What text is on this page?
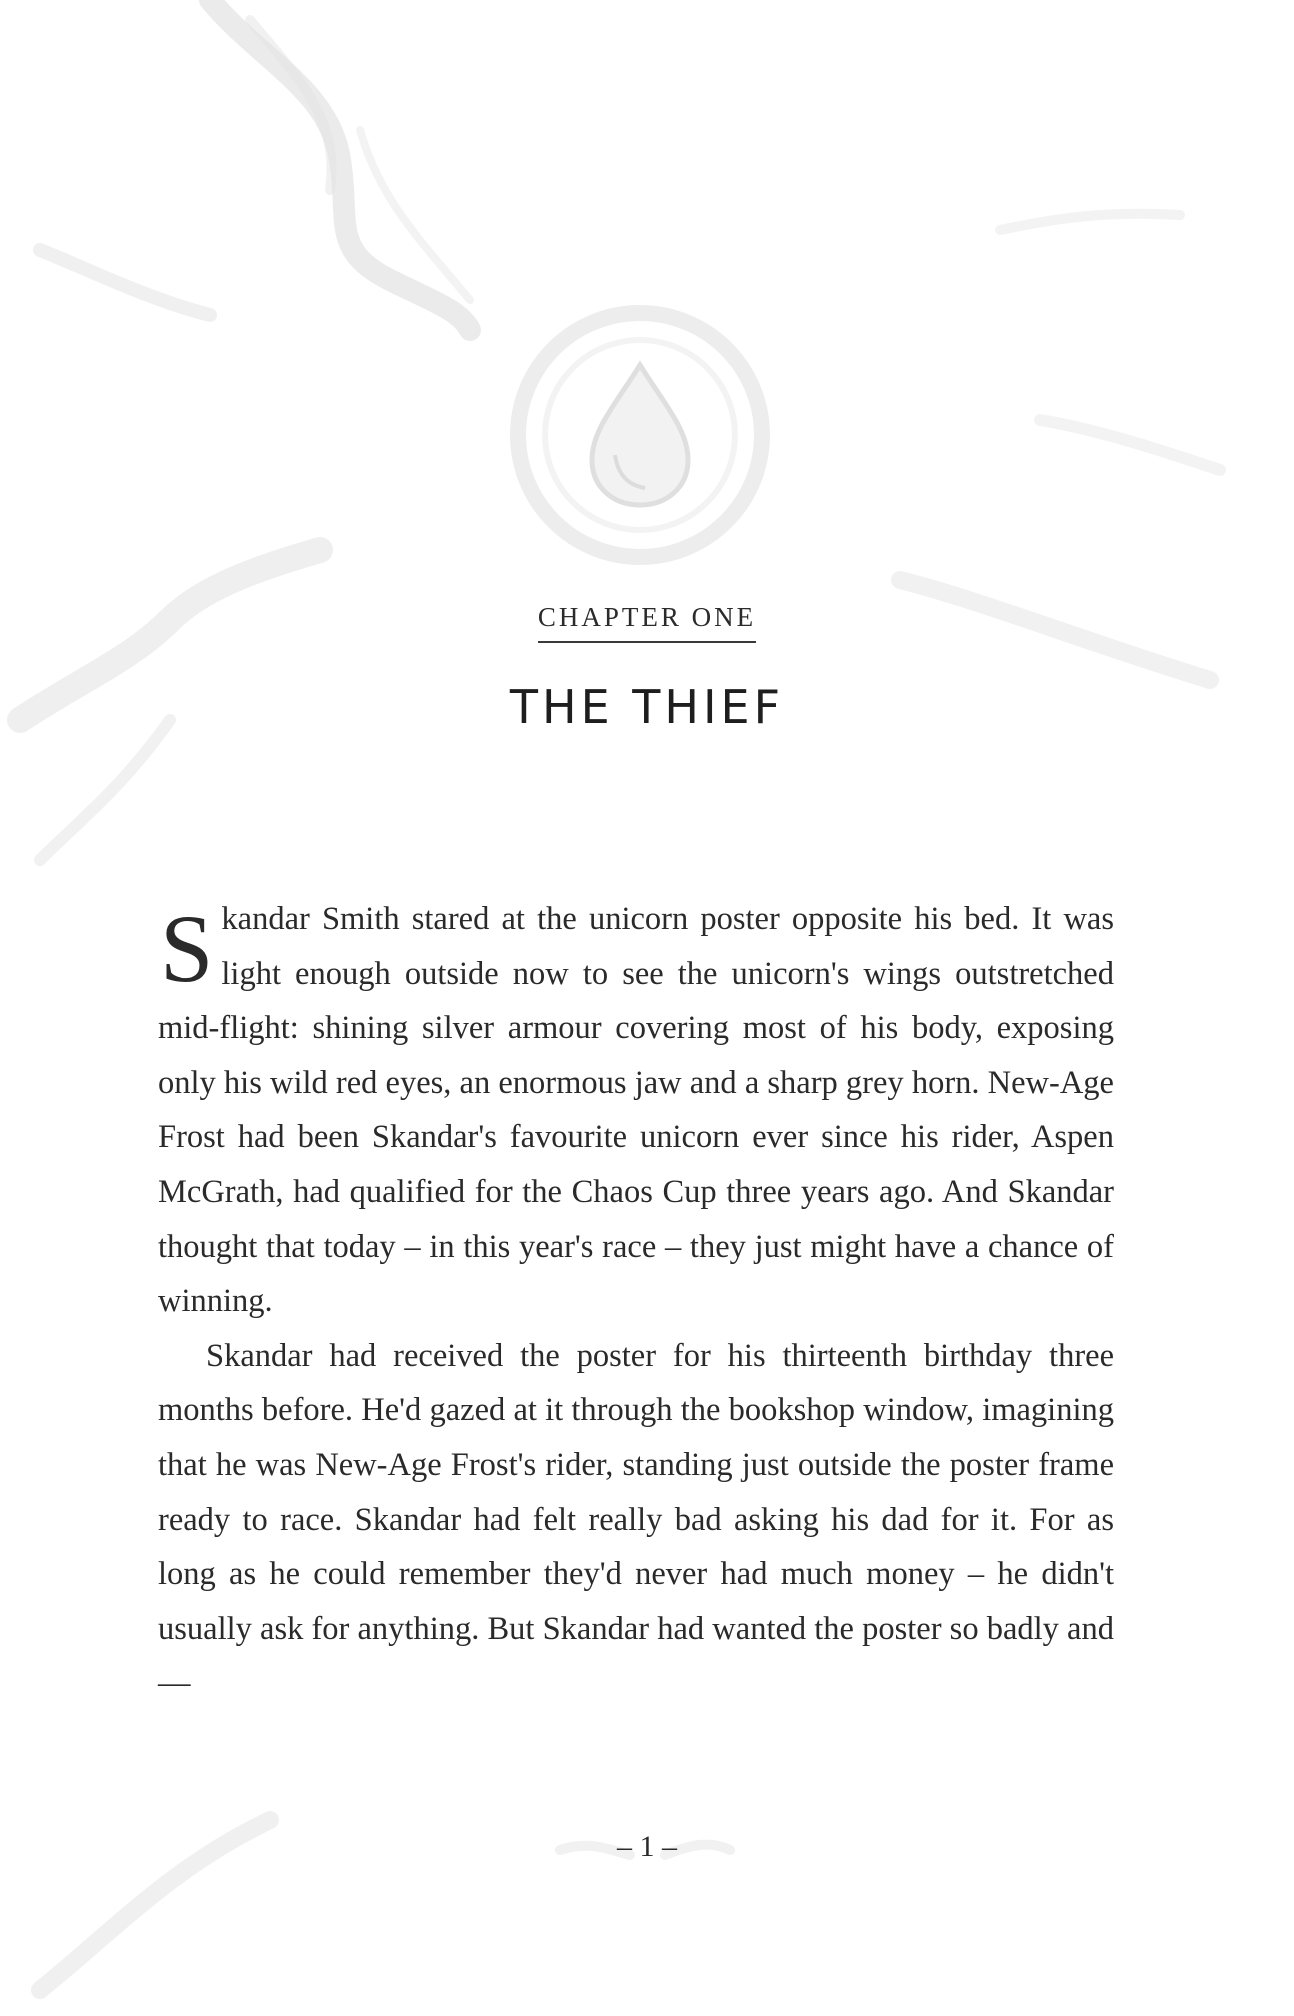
CHAPTER ONE
THE THIEF

Skandar Smith stared at the unicorn poster opposite his bed. It was light enough outside now to see the unicorn's wings outstretched mid-flight: shining silver armour covering most of his body, exposing only his wild red eyes, an enormous jaw and a sharp grey horn. New-Age Frost had been Skandar's favourite unicorn ever since his rider, Aspen McGrath, had qualified for the Chaos Cup three years ago. And Skandar thought that today – in this year's race – they just might have a chance of winning.

Skandar had received the poster for his thirteenth birthday three months before. He'd gazed at it through the bookshop window, imagining that he was New-Age Frost's rider, standing just outside the poster frame ready to race. Skandar had felt really bad asking his dad for it. For as long as he could remember they'd never had much money – he didn't usually ask for anything. But Skandar had wanted the poster so badly and—

– 1 –
